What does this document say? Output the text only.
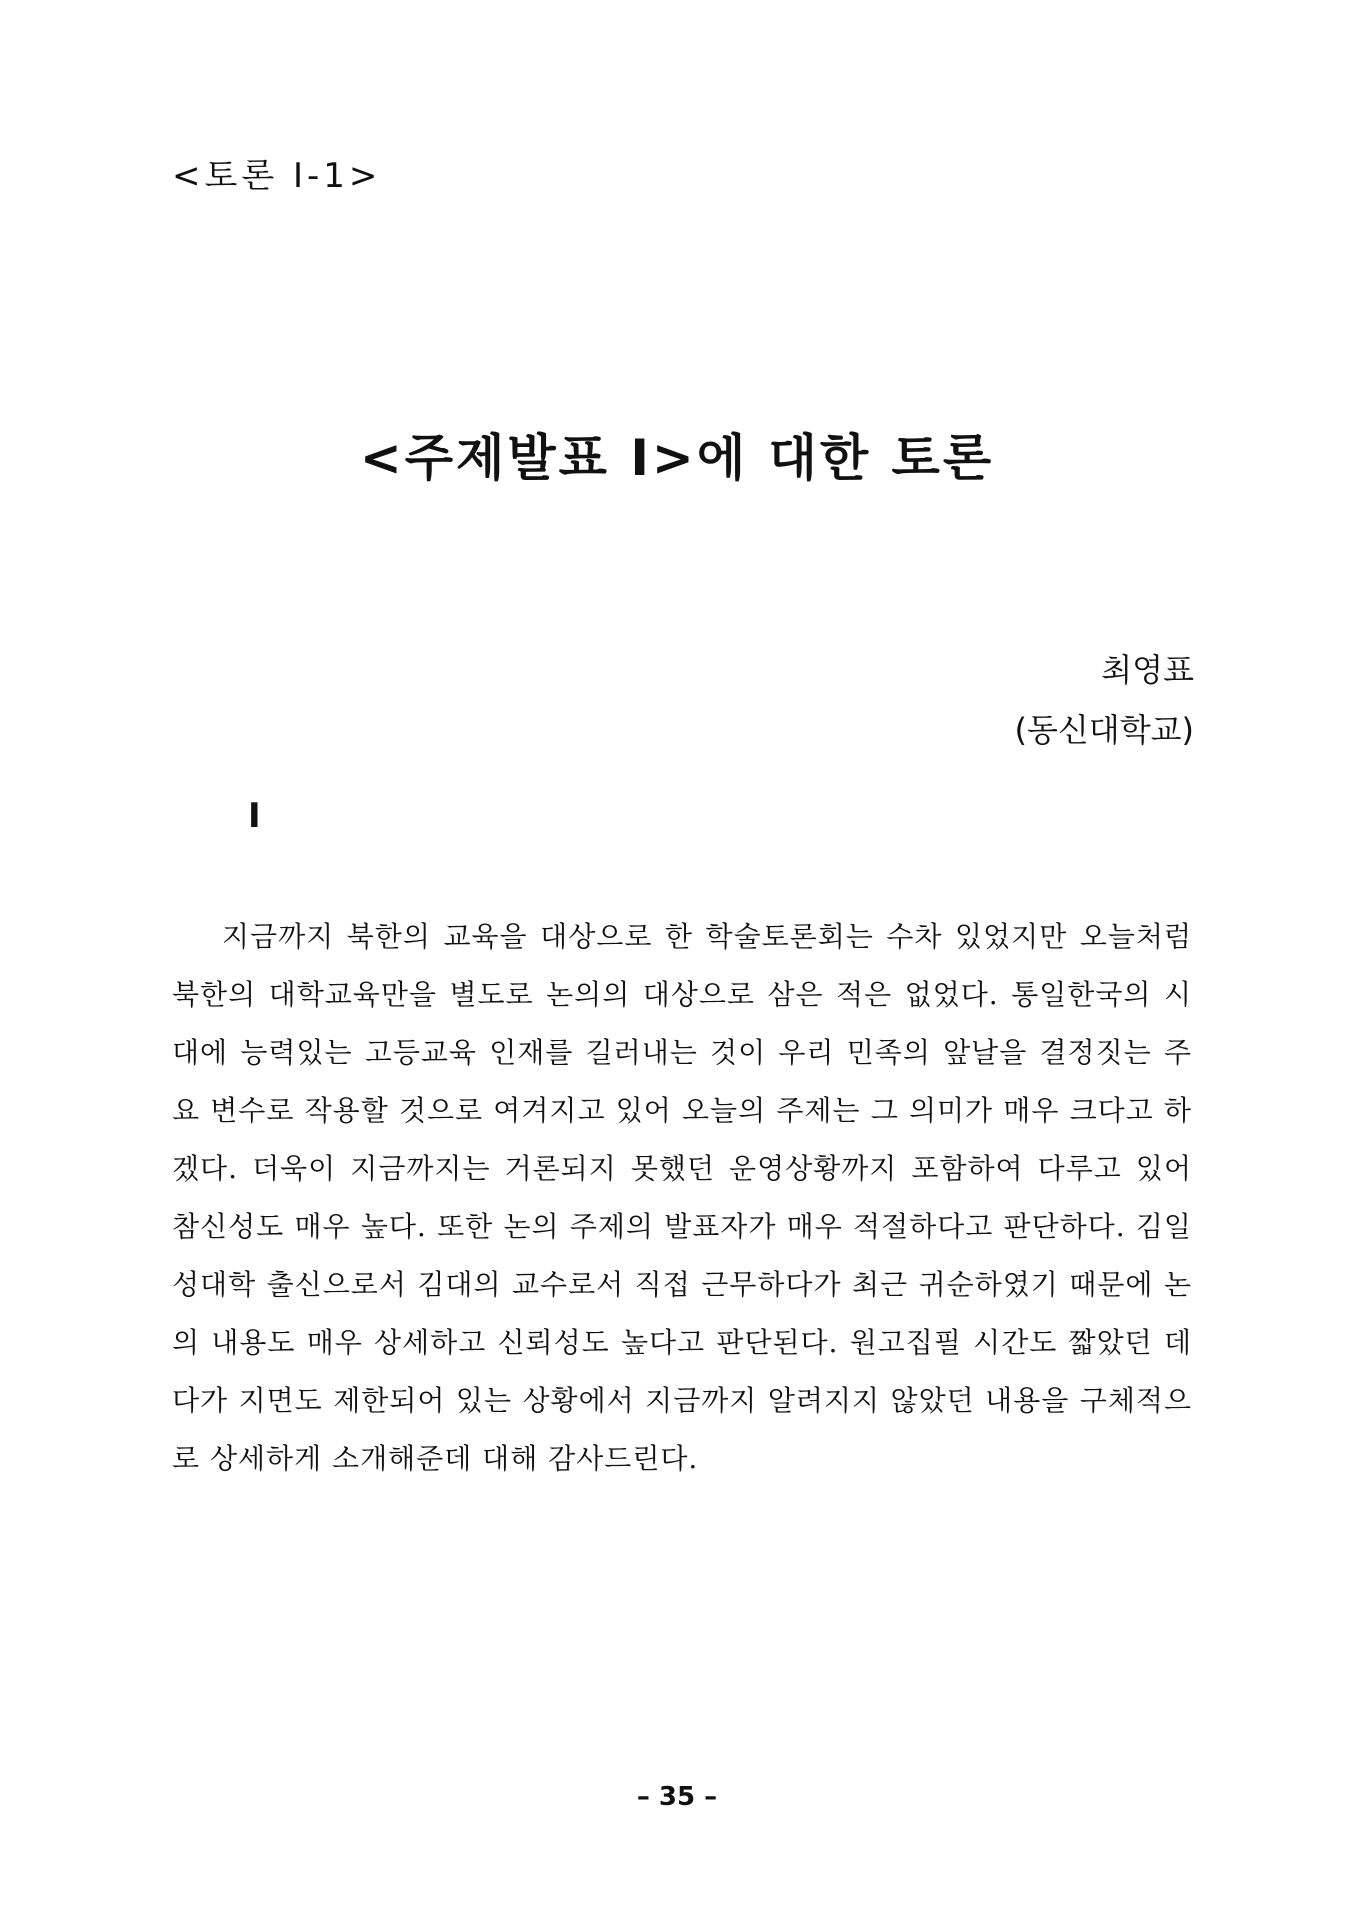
<토론 Ⅰ-1>
<주제발표 Ⅰ>에 대한 토론
최영표
(동신대학교)
Ⅰ

지금까지 북한의 교육을 대상으로 한 학술토론회는 수차 있었지만 오늘처럼 북한의 대학교육만을 별도로 논의의 대상으로 삼은 적은 없었다. 통일한국의 시대에 능력있는 고등교육 인재를 길러내는 것이 우리 민족의 앞날을 결정짓는 주요 변수로 작용할 것으로 여겨지고 있어 오늘의 주제는 그 의미가 매우 크다고 하겠다. 더욱이 지금까지는 거론되지 못했던 운영상황까지 포함하여 다루고 있어 참신성도 매우 높다. 또한 논의 주제의 발표자가 매우 적절하다고 판단하다. 김일성대학 출신으로서 김대의 교수로서 직접 근무하다가 최근 귀순하였기 때문에 논의 내용도 매우 상세하고 신뢰성도 높다고 판단된다. 원고집필 시간도 짧았던 데다가 지면도 제한되어 있는 상황에서 지금까지 알려지지 않았던 내용을 구체적으로 상세하게 소개해준데 대해 감사드린다.

– 35 –
